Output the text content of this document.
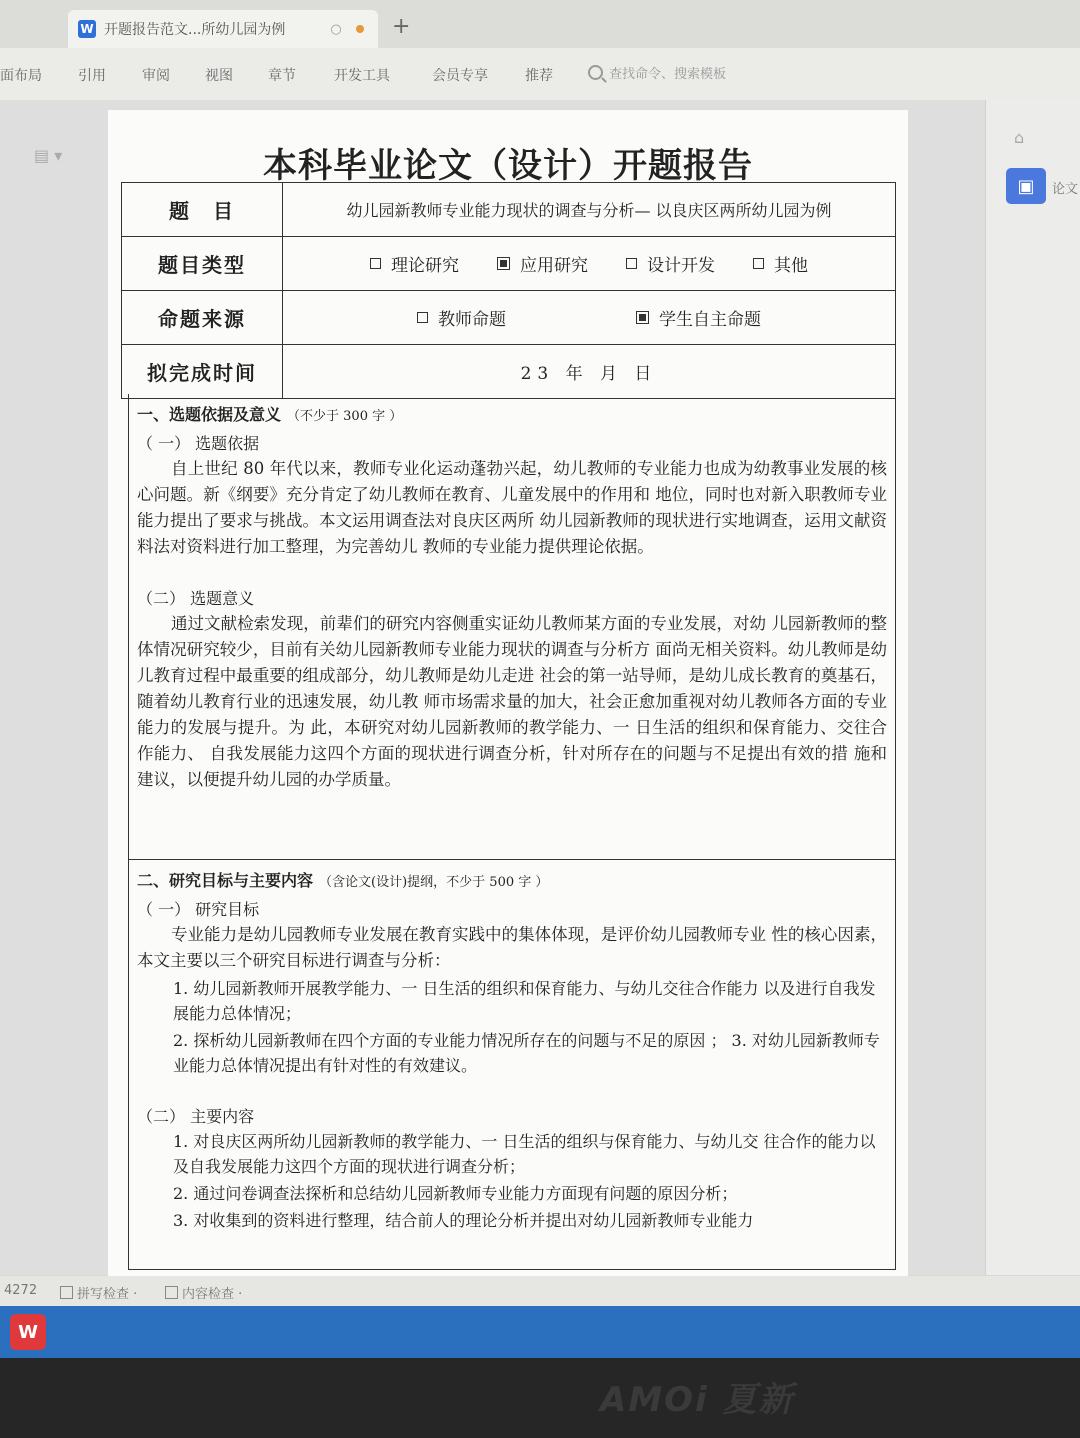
W 开题报告范文...所幼儿园为例	○ +
面布局	引用	审阅	视图	章节	开发工具	会员专享	推荐	查找命令、搜索模板
▤ ▾
⌂
▣	论文
本科毕业论文（设计）开题报告
题　目	幼儿园新教师专业能力现状的调查与分析— 以良庆区两所幼儿园为例
题目类型	理论研究 应用研究 设计开发 其他

命题来源	教师命题 学生自主命题

拟完成时间	23 年 月 日
一、选题依据及意义 （不少于 300 字 ）
（ 一） 选题依据

自上世纪 80 年代以来，教师专业化运动蓬勃兴起，幼儿教师的专业能力也成为幼教事业发展的核心问题。新《纲要》充分肯定了幼儿教师在教育、儿童发展中的作用和 地位，同时也对新入职教师专业能力提出了要求与挑战。本文运用调查法对良庆区两所 幼儿园新教师的现状进行实地调查，运用文献资料法对资料进行加工整理，为完善幼儿 教师的专业能力提供理论依据。

（二） 选题意义

通过文献检索发现，前辈们的研究内容侧重实证幼儿教师某方面的专业发展，对幼 儿园新教师的整体情况研究较少，目前有关幼儿园新教师专业能力现状的调查与分析方 面尚无相关资料。幼儿教师是幼儿教育过程中最重要的组成部分，幼儿教师是幼儿走进 社会的第一站导师，是幼儿成长教育的奠基石，随着幼儿教育行业的迅速发展，幼儿教 师市场需求量的加大，社会正愈加重视对幼儿教师各方面的专业能力的发展与提升。为 此，本研究对幼儿园新教师的教学能力、一 日生活的组织和保育能力、交往合作能力、 自我发展能力这四个方面的现状进行调查分析，针对所存在的问题与不足提出有效的措 施和建议，以便提升幼儿园的办学质量。

二、研究目标与主要内容 （含论文(设计)提纲，不少于 500 字 ）
（ 一） 研究目标

专业能力是幼儿园教师专业发展在教育实践中的集体体现，是评价幼儿园教师专业 性的核心因素，本文主要以三个研究目标进行调查与分析：

1. 幼儿园新教师开展教学能力、一 日生活的组织和保育能力、与幼儿交往合作能力 以及进行自我发展能力总体情况；

2. 探析幼儿园新教师在四个方面的专业能力情况所存在的问题与不足的原因 ； 3. 对幼儿园新教师专业能力总体情况提出有针对性的有效建议。

（二） 主要内容

1. 对良庆区两所幼儿园新教师的教学能力、一 日生活的组织与保育能力、与幼儿交 往合作的能力以及自我发展能力这四个方面的现状进行调查分析；

2. 通过问卷调查法探析和总结幼儿园新教师专业能力方面现有问题的原因分析；

3. 对收集到的资料进行整理，结合前人的理论分析并提出对幼儿园新教师专业能力

4272	拼写检查 ·	内容检查 ·
W
AMOi 夏新
